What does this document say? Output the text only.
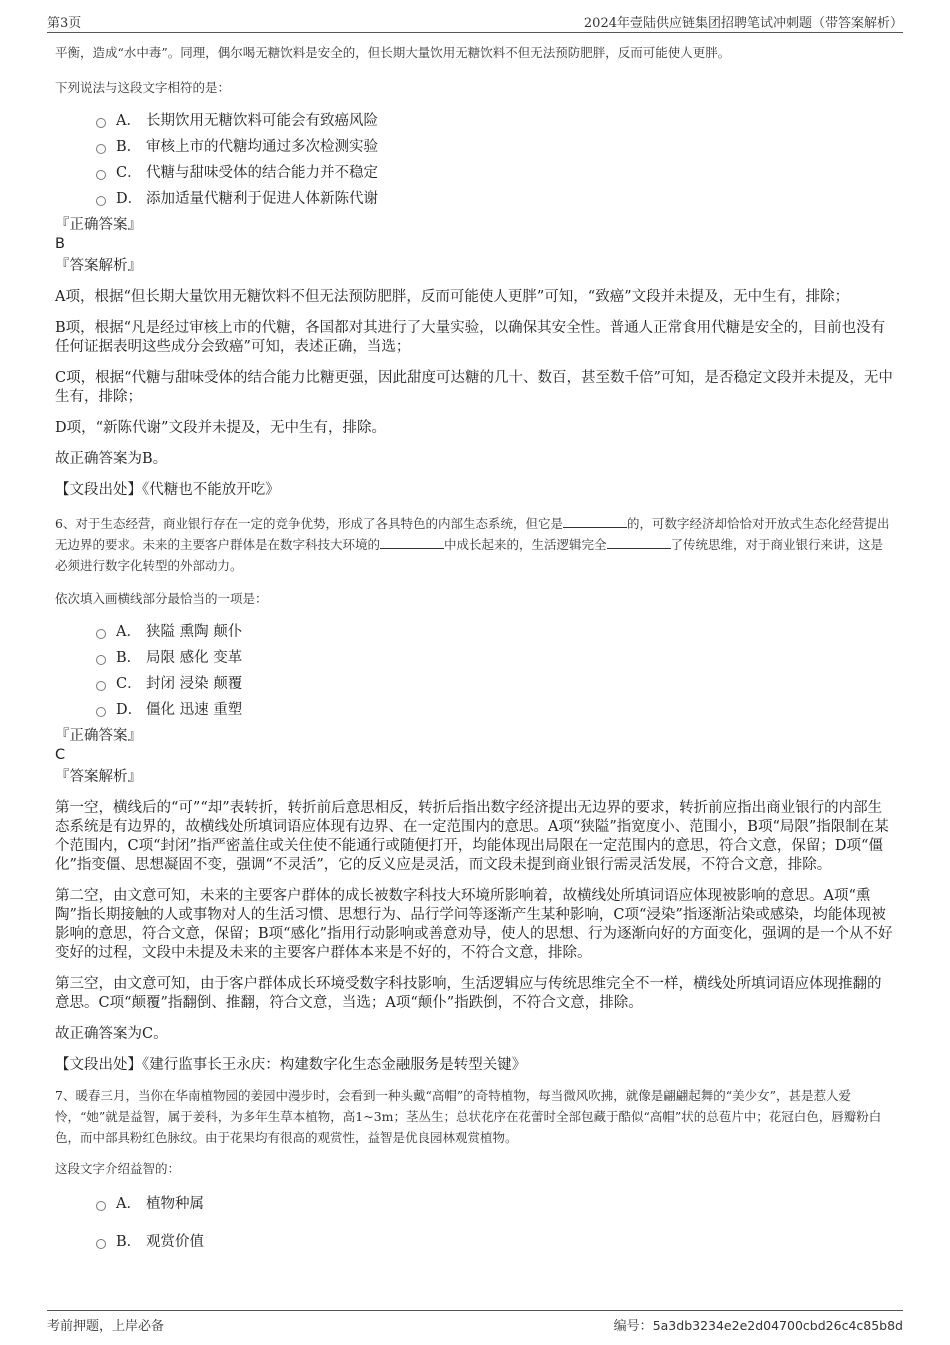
第3页	2024年壹陆供应链集团招聘笔试冲刺题（带答案解析）

平衡，造成“水中毒”。同理，偶尔喝无糖饮料是安全的，但长期大量饮用无糖饮料不但无法预防肥胖，反而可能使人更胖。

下列说法与这段文字相符的是：

A． 长期饮用无糖饮料可能会有致癌风险
B． 审核上市的代糖均通过多次检测实验
C． 代糖与甜味受体的结合能力并不稳定
D． 添加适量代糖利于促进人体新陈代谢

『正确答案』

B

『答案解析』

A项，根据“但长期大量饮用无糖饮料不但无法预防肥胖，反而可能使人更胖”可知，“致癌”文段并未提及，无中生有，排除；

B项，根据“凡是经过审核上市的代糖，各国都对其进行了大量实验，以确保其安全性。普通人正常食用代糖是安全的，目前也没有任何证据表明这些成分会致癌”可知，表述正确，当选；

C项，根据“代糖与甜味受体的结合能力比糖更强，因此甜度可达糖的几十、数百，甚至数千倍”可知，是否稳定文段并未提及，无中生有，排除；

D项，“新陈代谢”文段并未提及，无中生有，排除。

故正确答案为B。

【文段出处】《代糖也不能放开吃》

6、对于生态经营，商业银行存在一定的竞争优势，形成了各具特色的内部生态系统，但它是	的，可数字经济却恰恰对开放式生态化经营提出无边界的要求。未来的主要客户群体是在数字科技大环境的	中成长起来的，生活逻辑完全	了传统思维，对于商业银行来讲，这是必须进行数字化转型的外部动力。

依次填入画横线部分最恰当的一项是：

A． 狭隘 熏陶 颠仆
B． 局限 感化 变革
C． 封闭 浸染 颠覆
D． 僵化 迅速 重塑

『正确答案』

C

『答案解析』

第一空，横线后的“可”“却”表转折，转折前后意思相反，转折后指出数字经济提出无边界的要求，转折前应指出商业银行的内部生态系统是有边界的，故横线处所填词语应体现有边界、在一定范围内的意思。A项“狭隘”指宽度小、范围小，B项“局限”指限制在某个范围内，C项“封闭”指严密盖住或关住使不能通行或随便打开，均能体现出局限在一定范围内的意思，符合文意，保留；D项“僵化”指变僵、思想凝固不变，强调“不灵活”，它的反义应是灵活，而文段未提到商业银行需灵活发展，不符合文意，排除。

第二空，由文意可知，未来的主要客户群体的成长被数字科技大环境所影响着，故横线处所填词语应体现被影响的意思。A项“熏陶”指长期接触的人或事物对人的生活习惯、思想行为、品行学问等逐渐产生某种影响，C项“浸染”指逐渐沾染或感染，均能体现被影响的意思，符合文意，保留；B项“感化”指用行动影响或善意劝导，使人的思想、行为逐渐向好的方面变化，强调的是一个从不好变好的过程，文段中未提及未来的主要客户群体本来是不好的，不符合文意，排除。

第三空，由文意可知，由于客户群体成长环境受数字科技影响，生活逻辑应与传统思维完全不一样，横线处所填词语应体现推翻的意思。C项“颠覆”指翻倒、推翻，符合文意，当选；A项“颠仆”指跌倒，不符合文意，排除。

故正确答案为C。

【文段出处】《建行监事长王永庆：构建数字化生态金融服务是转型关键》

7、暖春三月，当你在华南植物园的姜园中漫步时，会看到一种头戴“高帽”的奇特植物，每当微风吹拂，就像是翩翩起舞的“美少女”，甚是惹人爱怜，“她”就是益智，属于姜科，为多年生草本植物，高1~3m；茎丛生；总状花序在花蕾时全部包藏于酷似“高帽”状的总苞片中；花冠白色，唇瓣粉白色，而中部具粉红色脉纹。由于花果均有很高的观赏性，益智是优良园林观赏植物。

这段文字介绍益智的：

A． 植物种属
B． 观赏价值
考前押题，上岸必备	编号：5a3db3234e2e2d04700cbd26c4c85b8d
